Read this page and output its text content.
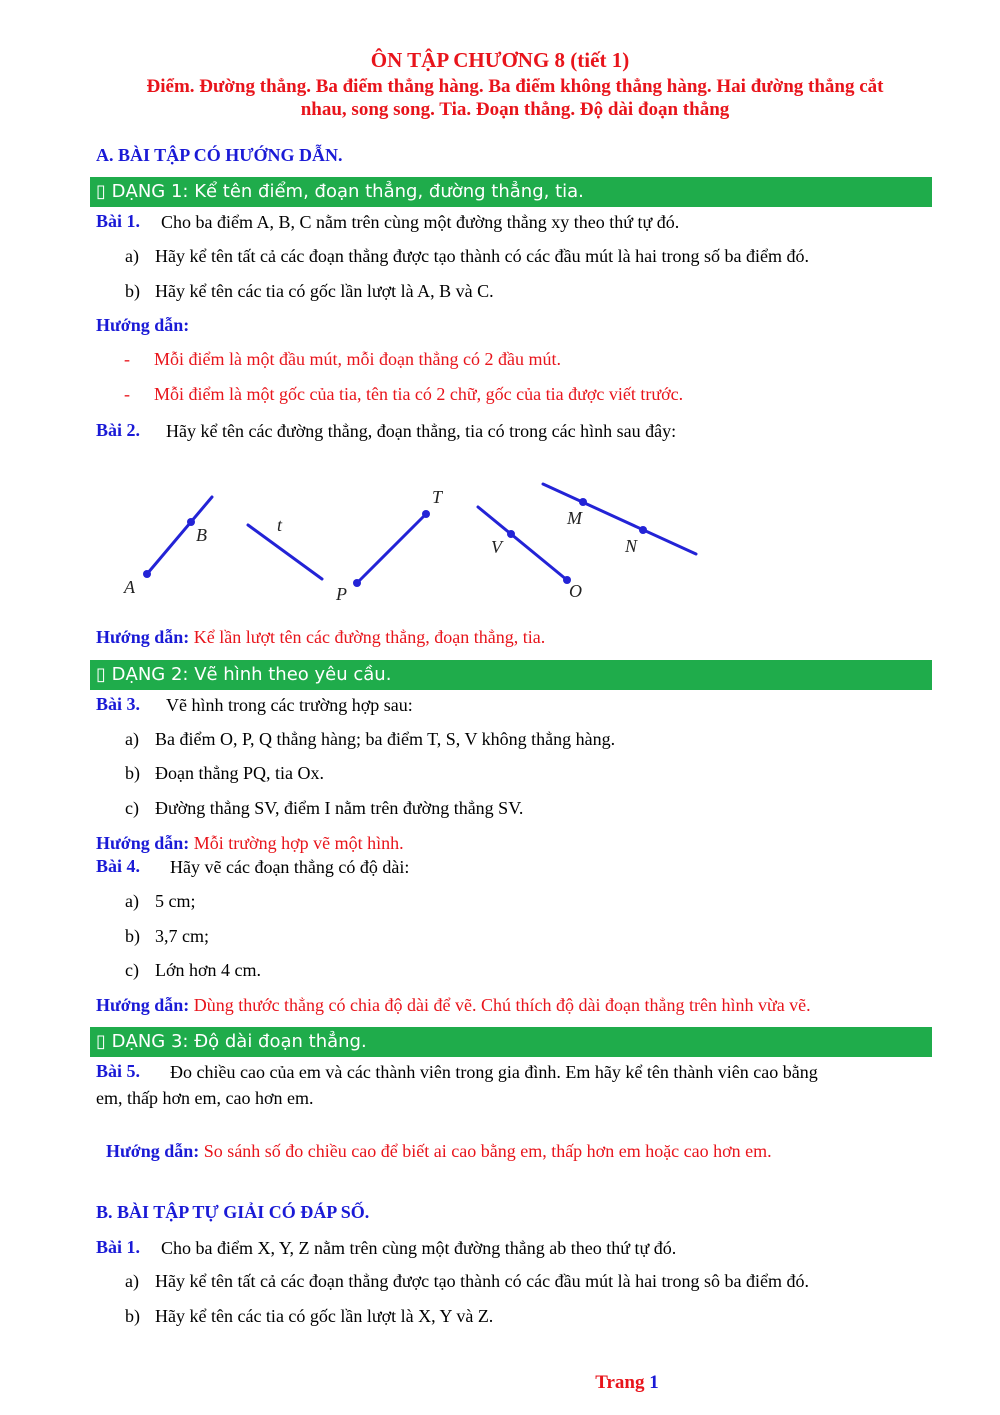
ÔN TẬP CHƯƠNG 8 (tiết 1)
Điểm. Đường thẳng. Ba điểm thẳng hàng. Ba điểm không thẳng hàng. Hai đường thẳng cắt
nhau, song song. Tia. Đoạn thẳng. Độ dài đoạn thẳng
A. BÀI TẬP CÓ HƯỚNG DẪN.
▯ DẠNG 1: Kể tên điểm, đoạn thẳng, đường thẳng, tia.
Bài 1. Cho ba điểm A, B, C nằm trên cùng một đường thẳng xy theo thứ tự đó.
a) Hãy kể tên tất cả các đoạn thẳng được tạo thành có các đầu mút là hai trong số ba điểm đó.
b) Hãy kể tên các tia có gốc lần lượt là A, B và C.
Hướng dẫn:
- Mỗi điểm là một đầu mút, mỗi đoạn thẳng có 2 đầu mút.
- Mỗi điểm là một gốc của tia, tên tia có 2 chữ, gốc của tia được viết trước.
Bài 2. Hãy kể tên các đường thẳng, đoạn thẳng, tia có trong các hình sau đây:
A
B	t
P
T
V
O
M
N
Hướng dẫn: Kể lần lượt tên các đường thẳng, đoạn thẳng, tia.
▯ DẠNG 2: Vẽ hình theo yêu cầu.
Bài 3. Vẽ hình trong các trường hợp sau:
a) Ba điểm O, P, Q thẳng hàng; ba điểm T, S, V không thẳng hàng.
b) Đoạn thẳng PQ, tia Ox.
c) Đường thẳng SV, điểm I nằm trên đường thẳng SV.
Hướng dẫn: Mỗi trường hợp vẽ một hình.
Bài 4. Hãy vẽ các đoạn thẳng có độ dài:
a) 5 cm;
b) 3,7 cm;
c) Lớn hơn 4 cm.
Hướng dẫn: Dùng thước thẳng có chia độ dài để vẽ. Chú thích độ dài đoạn thẳng trên hình vừa vẽ.
▯ DẠNG 3: Độ dài đoạn thẳng.
Bài 5. Đo chiều cao của em và các thành viên trong gia đình. Em hãy kể tên thành viên cao bằng
em, thấp hơn em, cao hơn em.
Hướng dẫn: So sánh số đo chiều cao để biết ai cao bằng em, thấp hơn em hoặc cao hơn em.
B. BÀI TẬP TỰ GIẢI CÓ ĐÁP SỐ.
Bài 1. Cho ba điểm X, Y, Z nằm trên cùng một đường thẳng ab theo thứ tự đó.
a) Hãy kể tên tất cả các đoạn thẳng được tạo thành có các đầu mút là hai trong sô ba điểm đó.
b) Hãy kể tên các tia có gốc lần lượt là X, Y và Z.
Trang 1
